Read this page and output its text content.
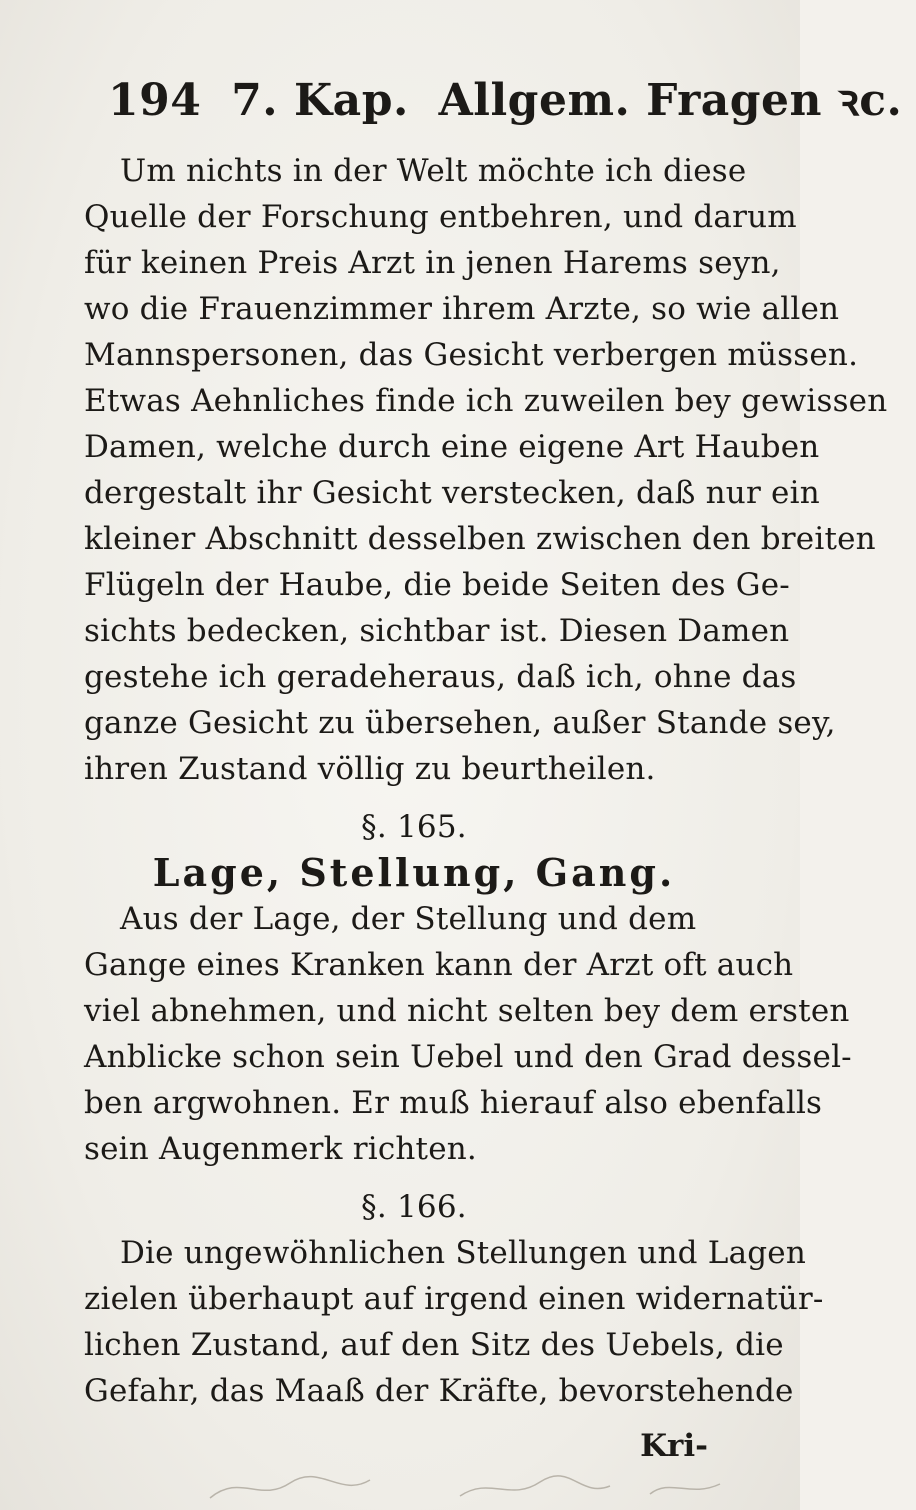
194 7. Kap. Allgem. Fragen ꝛc.
Um nichts in der Welt möchte ich diese
Quelle der Forschung entbehren, und darum
für keinen Preis Arzt in jenen Harems seyn,
wo die Frauenzimmer ihrem Arzte, so wie allen
Mannspersonen, das Gesicht verbergen müssen.
Etwas Aehnliches finde ich zuweilen bey gewissen
Damen, welche durch eine eigene Art Hauben
dergestalt ihr Gesicht verstecken, daß nur ein
kleiner Abschnitt desselben zwischen den breiten
Flügeln der Haube, die beide Seiten des Ge-
sichts bedecken, sichtbar ist. Diesen Damen
gestehe ich geradeheraus, daß ich, ohne das
ganze Gesicht zu übersehen, außer Stande sey,
ihren Zustand völlig zu beurtheilen.
§. 165.
Lage, Stellung, Gang.
Aus der Lage, der Stellung und dem
Gange eines Kranken kann der Arzt oft auch
viel abnehmen, und nicht selten bey dem ersten
Anblicke schon sein Uebel und den Grad dessel-
ben argwohnen. Er muß hierauf also ebenfalls
sein Augenmerk richten.
§. 166.
Die ungewöhnlichen Stellungen und Lagen
zielen überhaupt auf irgend einen widernatür-
lichen Zustand, auf den Sitz des Uebels, die
Gefahr, das Maaß der Kräfte, bevorstehende
Kri-
